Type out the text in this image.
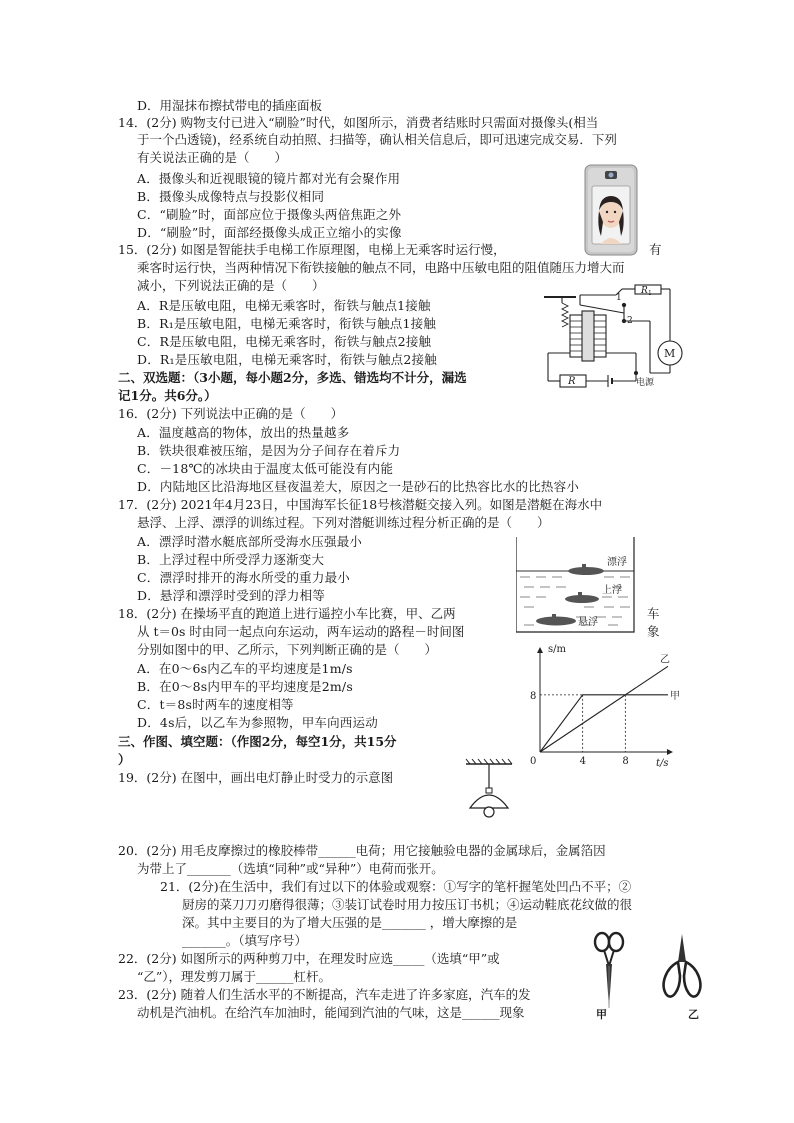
D．用湿抹布擦拭带电的插座面板
14．(2分) 购物支付已进入“刷脸”时代，如图所示，消费者结账时只需面对摄像头(相当
于一个凸透镜)，经系统自动拍照、扫描等，确认相关信息后，即可迅速完成交易．下列
有关说法正确的是（　　）
A．摄像头和近视眼镜的镜片都对光有会聚作用
B．摄像头成像特点与投影仪相同
C．“刷脸”时，面部应位于摄像头两倍焦距之外
D．“刷脸”时，面部经摄像头成正立缩小的实像
15．(2分) 如图是智能扶手电梯工作原理图，电梯上无乘客时运行慢，	有
乘客时运行快，当两种情况下衔铁接触的触点不同，电路中压敏电阻的阻值随压力增大而
减小，下列说法正确的是（　　）
A．R是压敏电阻，电梯无乘客时，衔铁与触点1接触
B．R₁是压敏电阻，电梯无乘客时，衔铁与触点1接触
C．R是压敏电阻，电梯无乘客时，衔铁与触点2接触
D．R₁是压敏电阻，电梯无乘客时，衔铁与触点2接触
二、双选题：（3小题，每小题2分，多选、错选均不计分，漏选
记1分。共6分。）
16．(2分) 下列说法中正确的是（　　）
A．温度越高的物体，放出的热量越多
B．铁块很难被压缩，是因为分子间存在着斥力
C．－18℃的冰块由于温度太低可能没有内能
D．内陆地区比沿海地区昼夜温差大，原因之一是砂石的比热容比水的比热容小
17．(2分) 2021年4月23日，中国海军长征18号核潜艇交接入列。如图是潜艇在海水中
悬浮、上浮、漂浮的训练过程。下列对潜艇训练过程分析正确的是（　　）
A．漂浮时潜水艇底部所受海水压强最小
B．上浮过程中所受浮力逐渐变大
C．漂浮时排开的海水所受的重力最小
D．悬浮和漂浮时受到的浮力相等
18．(2分) 在操场平直的跑道上进行遥控小车比赛，甲、乙两	车
从 t＝0s 时由同一起点向东运动，两车运动的路程－时间图	象
分别如图中的甲、乙所示，下列判断正确的是（　　）
A．在0～6s内乙车的平均速度是1m/s
B．在0～8s内甲车的平均速度是2m/s
C．t＝8s时两车的速度相等
D．4s后，以乙车为参照物，甲车向西运动
三、作图、填空题：（作图2分，每空1分，共15分
）
19．(2分) 在图中，画出电灯静止时受力的示意图
20．(2分) 用毛皮摩擦过的橡胶棒带______电荷；用它接触验电器的金属球后，金属箔因
为带上了_______（选填“同种”或“异种”）电荷而张开。
21．(2分)在生活中，我们有过以下的体验或观察：①写字的笔杆握笔处凹凸不平；②
厨房的菜刀刀刃磨得很薄；③装订试卷时用力按压订书机；④运动鞋底花纹做的很
深。其中主要目的为了增大压强的是_______ ，增大摩擦的是
_______。（填写序号）
22．(2分) 如图所示的两种剪刀中，在理发时应选_____（选填“甲”或
“乙”），理发剪刀属于______杠杆。
23．(2分) 随着人们生活水平的不断提高，汽车走进了许多家庭，汽车的发
动机是汽油机。在给汽车加油时，能闻到汽油的气味，这是______现象
1
2
R 1
R
M
电源
漂浮
上浮
悬浮
甲
乙
4	8
8
s/m
t/s
0
甲	乙
